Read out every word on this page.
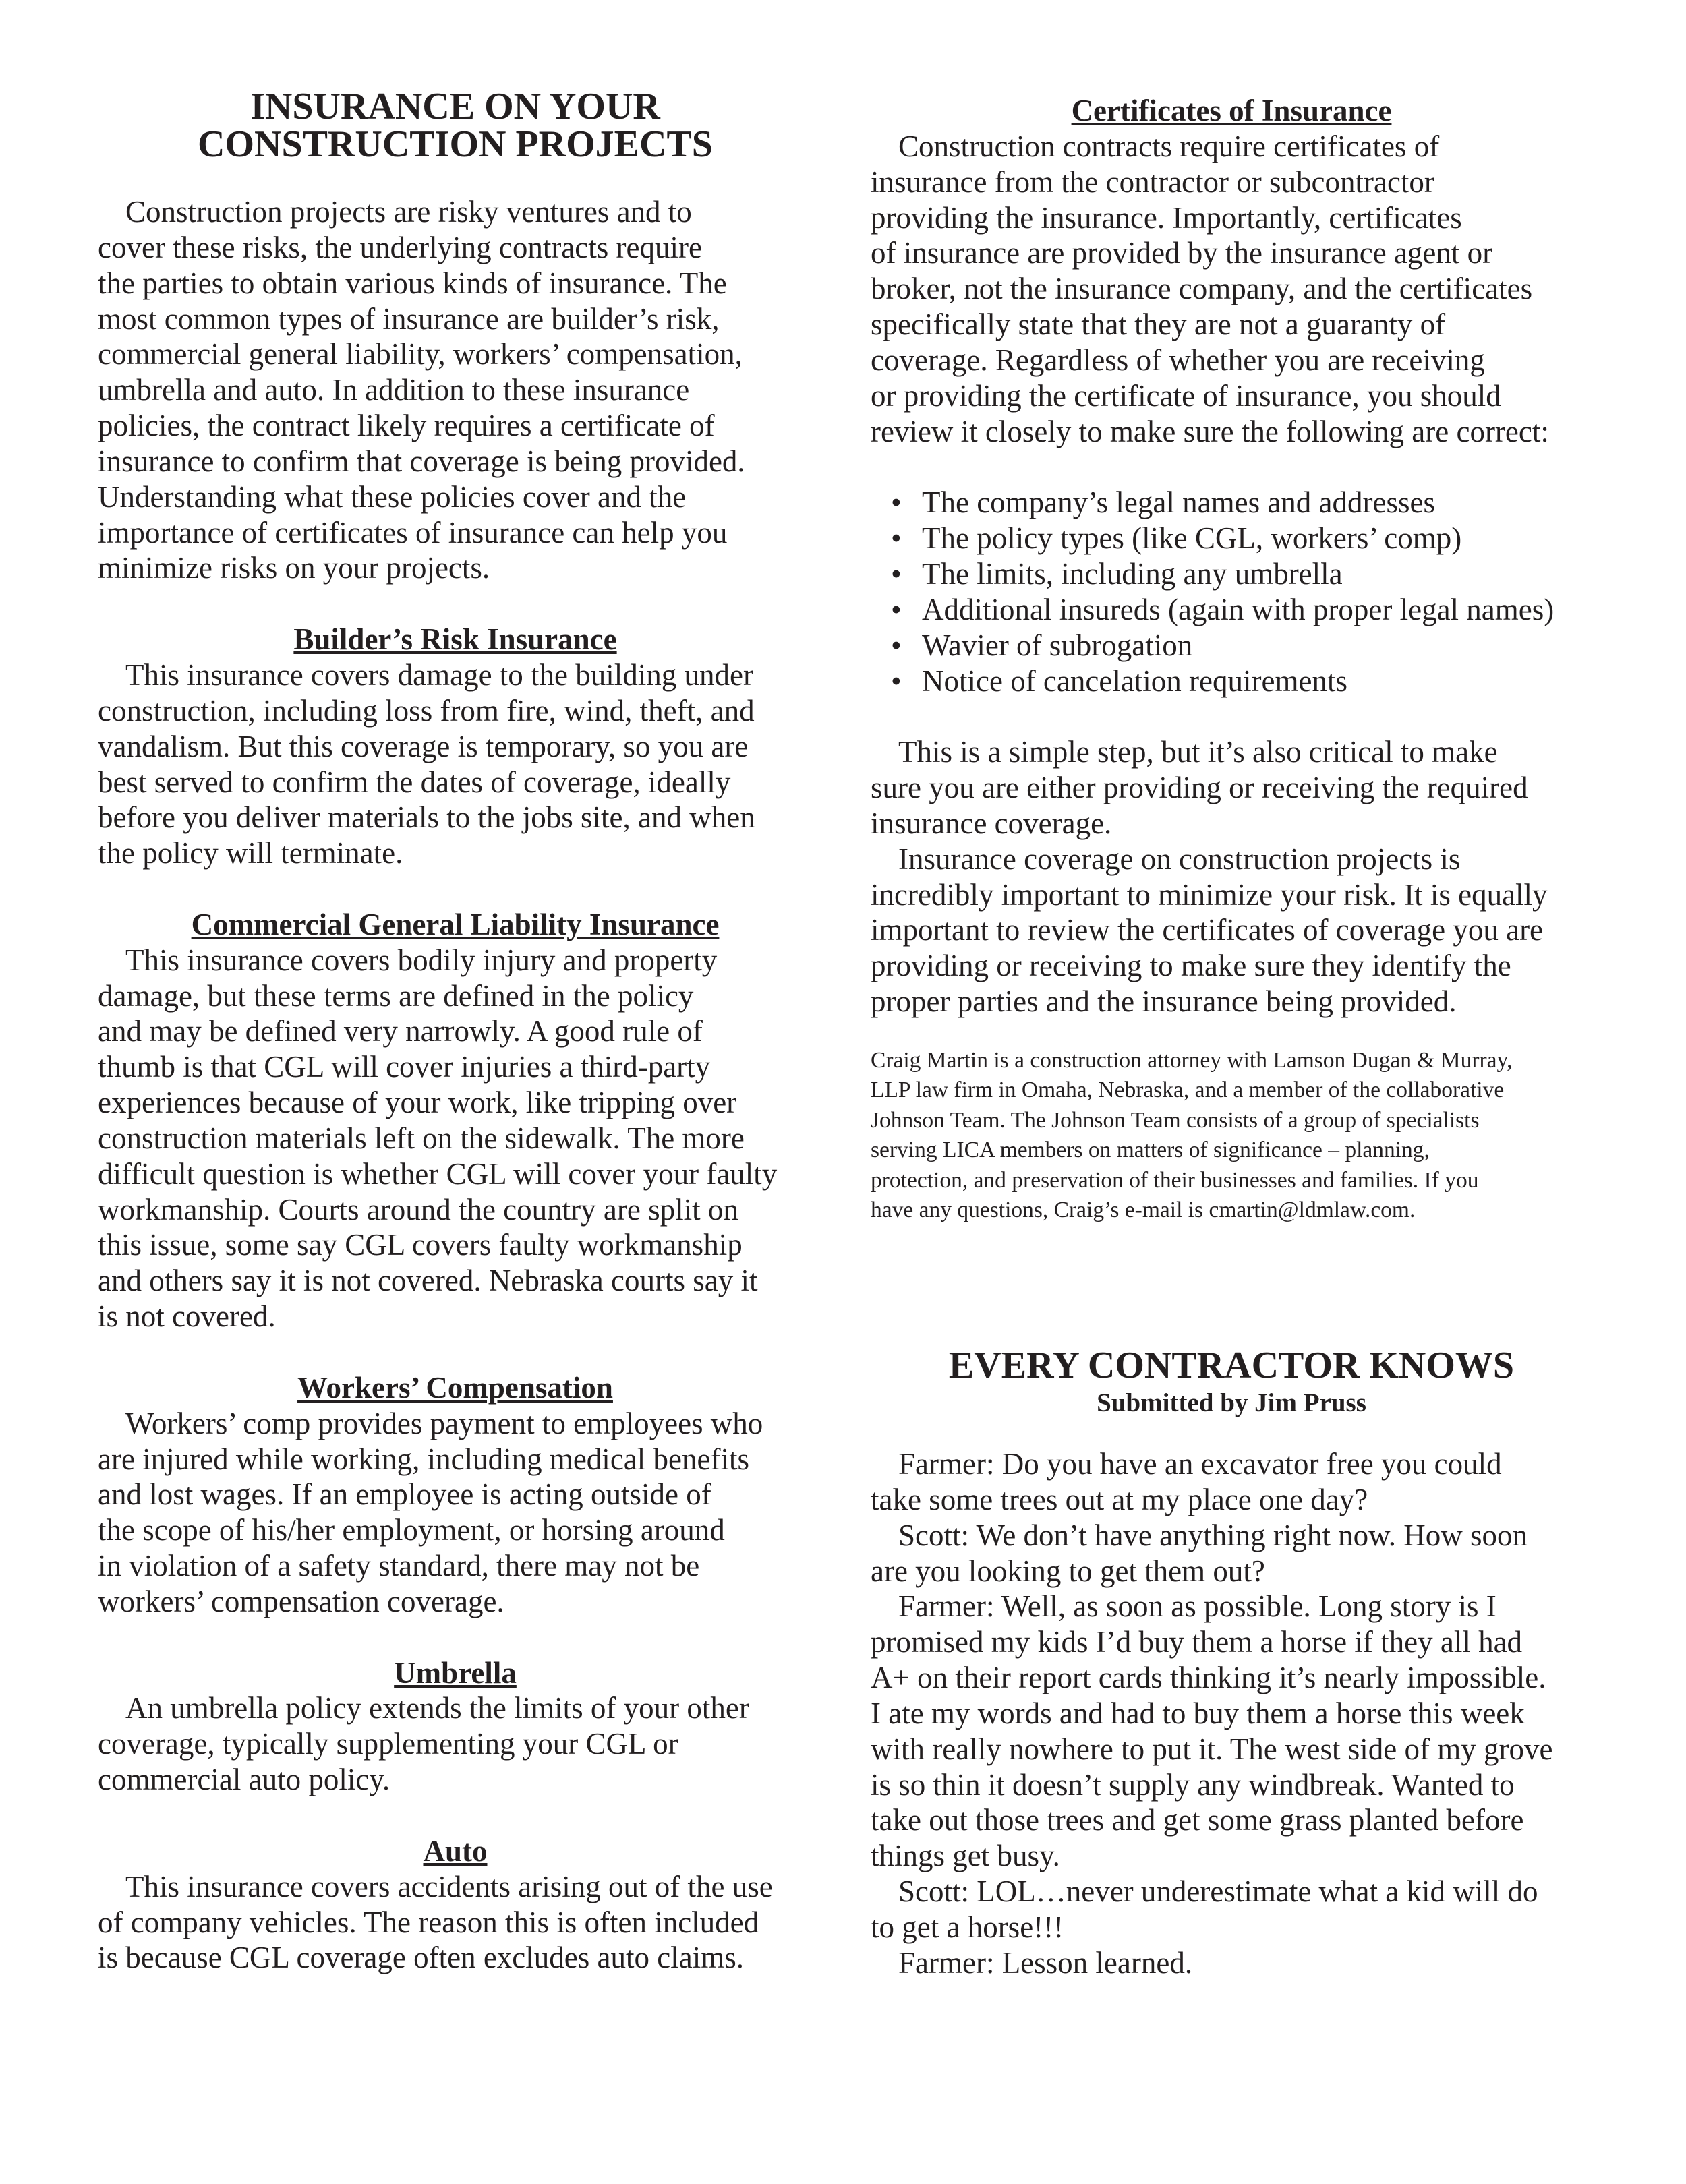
INSURANCE ON YOUR
CONSTRUCTION PROJECTS
Construction projects are risky ventures and to
cover these risks, the underlying contracts require
the parties to obtain various kinds of insurance. The
most common types of insurance are builder’s risk,
commercial general liability, workers’ compensation,
umbrella and auto. In addition to these insurance
policies, the contract likely requires a certificate of
insurance to confirm that coverage is being provided.
Understanding what these policies cover and the
importance of certificates of insurance can help you
minimize risks on your projects.
Builder’s Risk Insurance
This insurance covers damage to the building under
construction, including loss from fire, wind, theft, and
vandalism. But this coverage is temporary, so you are
best served to confirm the dates of coverage, ideally
before you deliver materials to the jobs site, and when
the policy will terminate.
Commercial General Liability Insurance
This insurance covers bodily injury and property
damage, but these terms are defined in the policy
and may be defined very narrowly. A good rule of
thumb is that CGL will cover injuries a third-party
experiences because of your work, like tripping over
construction materials left on the sidewalk. The more
difficult question is whether CGL will cover your faulty
workmanship. Courts around the country are split on
this issue, some say CGL covers faulty workmanship
and others say it is not covered. Nebraska courts say it
is not covered.
Workers’ Compensation
Workers’ comp provides payment to employees who
are injured while working, including medical benefits
and lost wages. If an employee is acting outside of
the scope of his/her employment, or horsing around
in violation of a safety standard, there may not be
workers’ compensation coverage.
Umbrella
An umbrella policy extends the limits of your other
coverage, typically supplementing your CGL or
commercial auto policy.
Auto
This insurance covers accidents arising out of the use
of company vehicles. The reason this is often included
is because CGL coverage often excludes auto claims.
Certificates of Insurance
Construction contracts require certificates of
insurance from the contractor or subcontractor
providing the insurance. Importantly, certificates
of insurance are provided by the insurance agent or
broker, not the insurance company, and the certificates
specifically state that they are not a guaranty of
coverage. Regardless of whether you are receiving
or providing the certificate of insurance, you should
review it closely to make sure the following are correct:
• The company’s legal names and addresses
• The policy types (like CGL, workers’ comp)
• The limits, including any umbrella
• Additional insureds (again with proper legal names)
• Wavier of subrogation
• Notice of cancelation requirements
This is a simple step, but it’s also critical to make
sure you are either providing or receiving the required
insurance coverage.
Insurance coverage on construction projects is
incredibly important to minimize your risk. It is equally
important to review the certificates of coverage you are
providing or receiving to make sure they identify the
proper parties and the insurance being provided.
Craig Martin is a construction attorney with Lamson Dugan & Murray,
LLP law firm in Omaha, Nebraska, and a member of the collaborative
Johnson Team. The Johnson Team consists of a group of specialists
serving LICA members on matters of significance – planning,
protection, and preservation of their businesses and families. If you
have any questions, Craig’s e-mail is cmartin@ldmlaw.com.
EVERY CONTRACTOR KNOWS
Submitted by Jim Pruss
Farmer: Do you have an excavator free you could
take some trees out at my place one day?
Scott: We don’t have anything right now. How soon
are you looking to get them out?
Farmer: Well, as soon as possible. Long story is I
promised my kids I’d buy them a horse if they all had
A+ on their report cards thinking it’s nearly impossible.
I ate my words and had to buy them a horse this week
with really nowhere to put it. The west side of my grove
is so thin it doesn’t supply any windbreak. Wanted to
take out those trees and get some grass planted before
things get busy.
Scott: LOL…never underestimate what a kid will do
to get a horse!!!
Farmer: Lesson learned.
